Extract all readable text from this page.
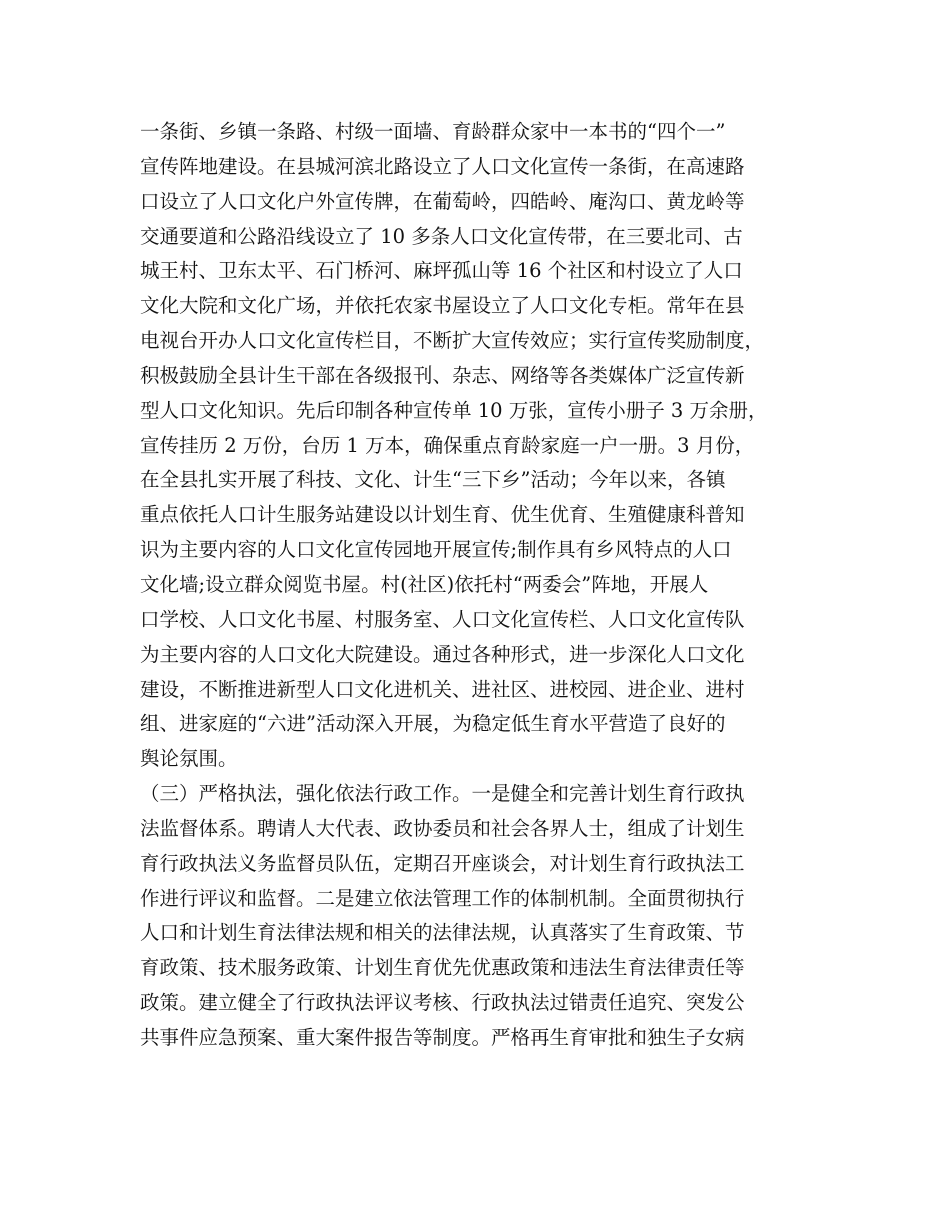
一条街、乡镇一条路、村级一面墙、育龄群众家中一本书的“四个一”
宣传阵地建设。在县城河滨北路设立了人口文化宣传一条街，在高速路
口设立了人口文化户外宣传牌，在葡萄岭，四皓岭、庵沟口、黄龙岭等
交通要道和公路沿线设立了 10 多条人口文化宣传带，在三要北司、古
城王村、卫东太平、石门桥河、麻坪孤山等 16 个社区和村设立了人口
文化大院和文化广场，并依托农家书屋设立了人口文化专柜。常年在县
电视台开办人口文化宣传栏目，不断扩大宣传效应；实行宣传奖励制度，
积极鼓励全县计生干部在各级报刊、杂志、网络等各类媒体广泛宣传新
型人口文化知识。先后印制各种宣传单 10 万张，宣传小册子 3 万余册，
宣传挂历 2 万份，台历 1 万本，确保重点育龄家庭一户一册。3 月份，
在全县扎实开展了科技、文化、计生“三下乡”活动；今年以来，各镇
重点依托人口计生服务站建设以计划生育、优生优育、生殖健康科普知
识为主要内容的人口文化宣传园地开展宣传;制作具有乡风特点的人口
文化墙;设立群众阅览书屋。村(社区)依托村“两委会”阵地，开展人
口学校、人口文化书屋、村服务室、人口文化宣传栏、人口文化宣传队
为主要内容的人口文化大院建设。通过各种形式，进一步深化人口文化
建设，不断推进新型人口文化进机关、进社区、进校园、进企业、进村
组、进家庭的“六进”活动深入开展，为稳定低生育水平营造了良好的
舆论氛围。
（三）严格执法，强化依法行政工作。一是健全和完善计划生育行政执
法监督体系。聘请人大代表、政协委员和社会各界人士，组成了计划生
育行政执法义务监督员队伍，定期召开座谈会，对计划生育行政执法工
作进行评议和监督。二是建立依法管理工作的体制机制。全面贯彻执行
人口和计划生育法律法规和相关的法律法规，认真落实了生育政策、节
育政策、技术服务政策、计划生育优先优惠政策和违法生育法律责任等
政策。建立健全了行政执法评议考核、行政执法过错责任追究、突发公
共事件应急预案、重大案件报告等制度。严格再生育审批和独生子女病
